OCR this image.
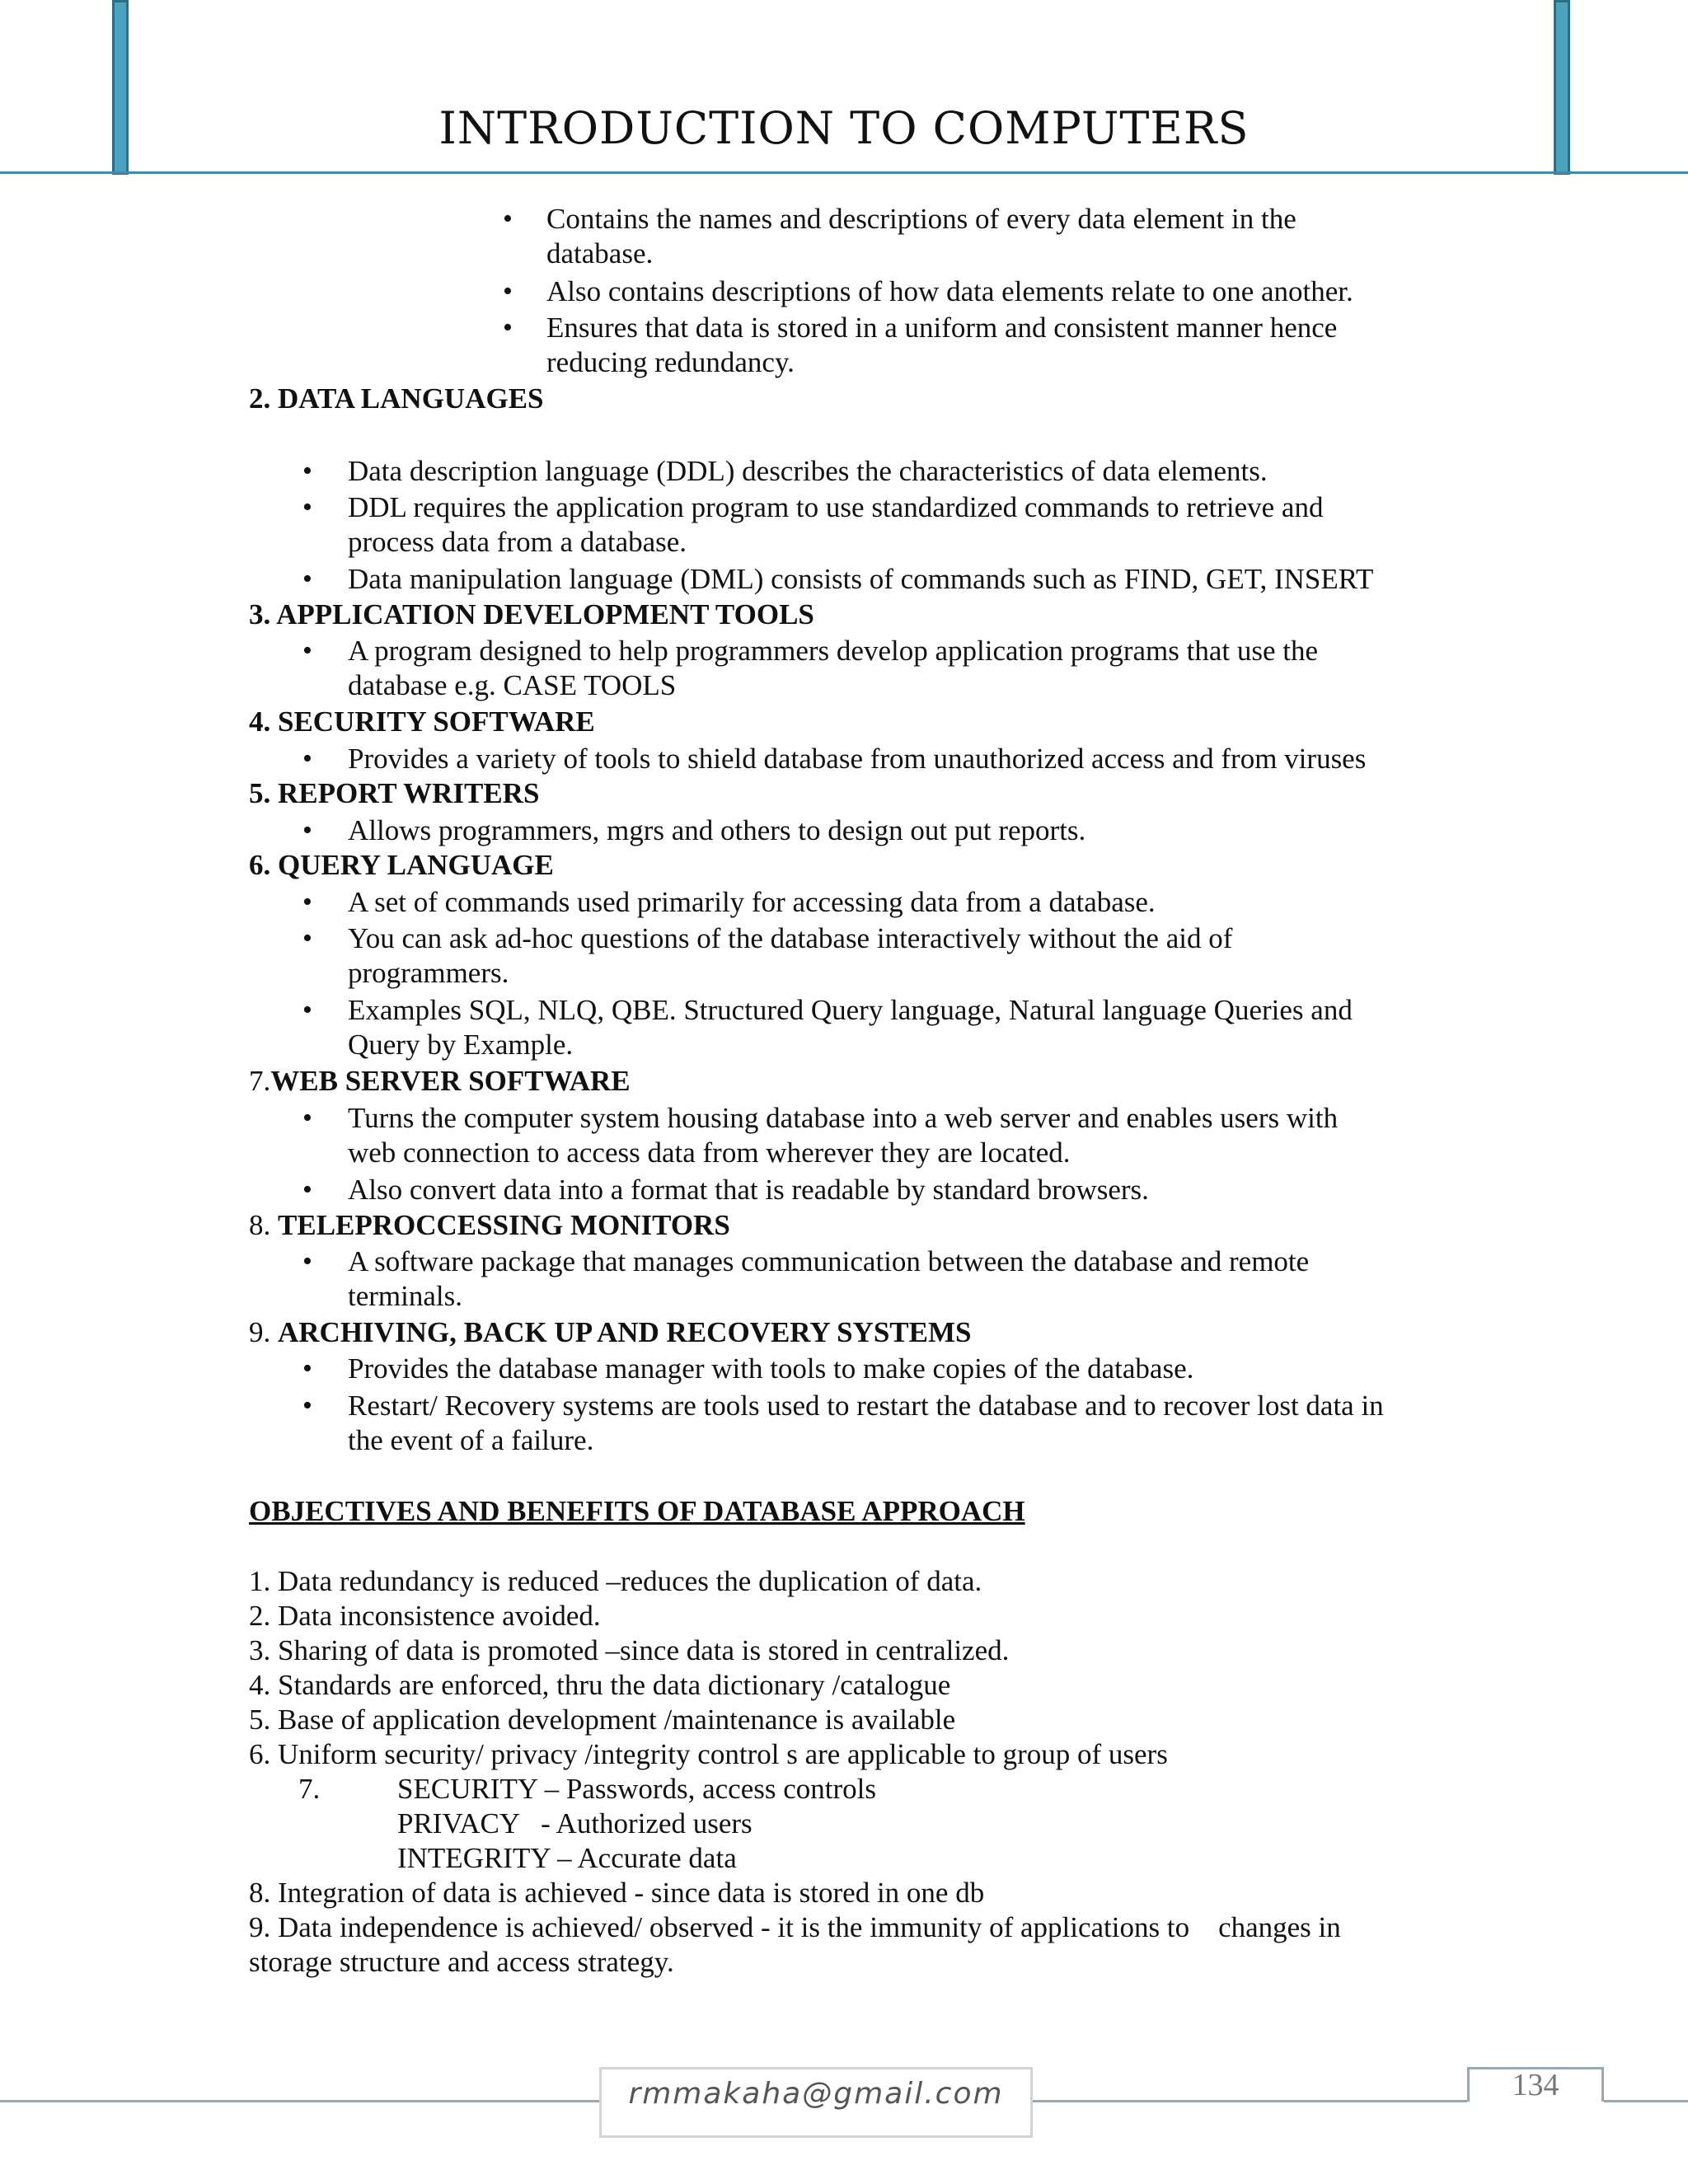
INTRODUCTION TO COMPUTERS
• Contains the names and descriptions of every data element in the
database.
• Also contains descriptions of how data elements relate to one another.
• Ensures that data is stored in a uniform and consistent manner hence
reducing redundancy.
2. DATA LANGUAGES
• Data description language (DDL) describes the characteristics of data elements.
• DDL requires the application program to use standardized commands to retrieve and
process data from a database.
• Data manipulation language (DML) consists of commands such as FIND, GET, INSERT
3. APPLICATION DEVELOPMENT TOOLS
• A program designed to help programmers develop application programs that use the
database e.g. CASE TOOLS
4. SECURITY SOFTWARE
• Provides a variety of tools to shield database from unauthorized access and from viruses
5. REPORT WRITERS
• Allows programmers, mgrs and others to design out put reports.
6. QUERY LANGUAGE
• A set of commands used primarily for accessing data from a database.
• You can ask ad-hoc questions of the database interactively without the aid of
programmers.
• Examples SQL, NLQ, QBE. Structured Query language, Natural language Queries and
Query by Example.
7.WEB SERVER SOFTWARE
• Turns the computer system housing database into a web server and enables users with
web connection to access data from wherever they are located.
• Also convert data into a format that is readable by standard browsers.
8. TELEPROCCESSING MONITORS
• A software package that manages communication between the database and remote
terminals.
9. ARCHIVING, BACK UP AND RECOVERY SYSTEMS
• Provides the database manager with tools to make copies of the database.
• Restart/ Recovery systems are tools used to restart the database and to recover lost data in
the event of a failure.
OBJECTIVES AND BENEFITS OF DATABASE APPROACH
1. Data redundancy is reduced –reduces the duplication of data.
2. Data inconsistence avoided.
3. Sharing of data is promoted –since data is stored in centralized.
4. Standards are enforced, thru the data dictionary /catalogue
5. Base of application development /maintenance is available
6. Uniform security/ privacy /integrity control s are applicable to group of users
7.	SECURITY – Passwords, access controls
PRIVACY   - Authorized users
INTEGRITY – Accurate data
8. Integration of data is achieved - since data is stored in one db
9. Data independence is achieved/ observed - it is the immunity of applications to    changes in
storage structure and access strategy.
rmmakaha@gmail.com	134
